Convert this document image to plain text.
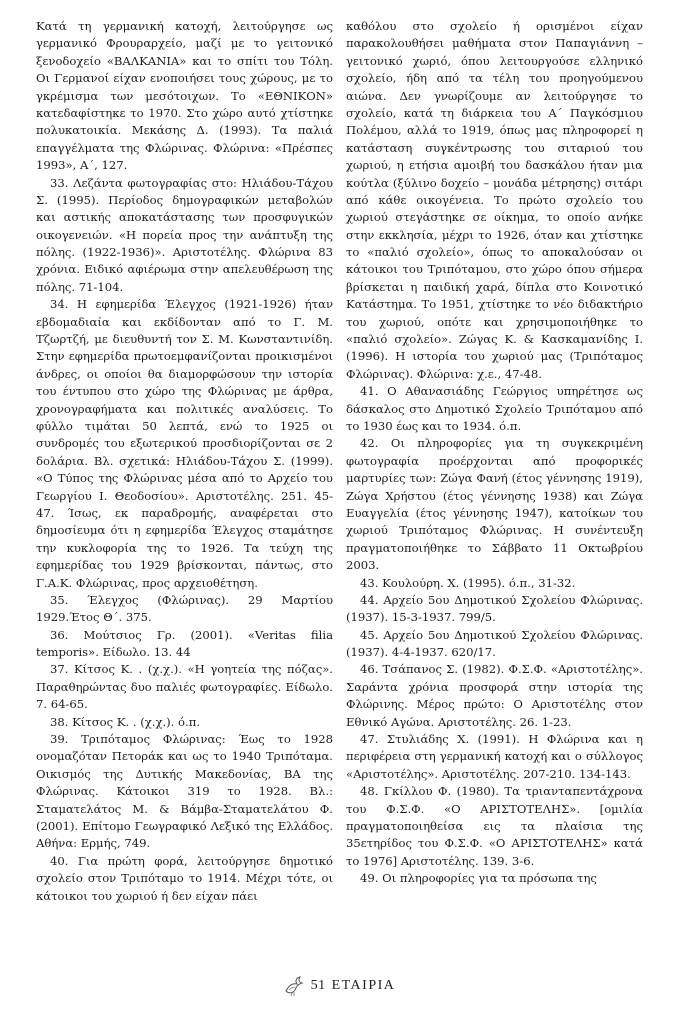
Κατά τη γερμανική κατοχή, λειτούργησε ως γερμανικό Φρουραρχείο, μαζί με το γειτονικό ξενοδοχείο «ΒΑΛΚΑΝΙΑ» και το σπίτι του Τόλη. Οι Γερμανοί είχαν ενοποιήσει τους χώρους, με το γκρέμισμα των μεσότοιχων. Το «ΕΘΝΙΚΟΝ» κατεδαφίστηκε το 1970. Στο χώρο αυτό χτίστηκε πολυκατοικία. Μεκάσης Δ. (1993). Τα παλιά επαγγέλματα της Φλώρινας. Φλώρινα: «Πρέσπες 1993», Α΄, 127.

33. Λεζάντα φωτογραφίας στο: Ηλιάδου-Τάχου Σ. (1995). Περίοδος δημογραφικών μεταβολών και αστικής αποκατάστασης των προσφυγικών οικογενειών. «Η πορεία προς την ανάπτυξη της πόλης. (1922-1936)». Αριστοτέλης. Φλώρινα 83 χρόνια. Ειδικό αφιέρωμα στην απελευθέρωση της πόλης. 71-104.

34. Η εφημερίδα Έλεγχος (1921-1926) ήταν εβδομαδιαία και εκδίδονταν από το Γ. Μ. Τζωρτζή, με διευθυντή τον Σ. Μ. Κωνσταντινίδη. Στην εφημερίδα πρωτοεμφανίζονται προικισμένοι άνδρες, οι οποίοι θα διαμορφώσουν την ιστορία του έντυπου στο χώρο της Φλώρινας με άρθρα, χρονογραφήματα και πολιτικές αναλύσεις. Το φύλλο τιμάται 50 λεπτά, ενώ το 1925 οι συνδρομές του εξωτερικού προσδιορίζονται σε 2 δολάρια. Βλ. σχετικά: Ηλιάδου-Τάχου Σ. (1999). «Ο Τύπος της Φλώρινας μέσα από το Αρχείο του Γεωργίου Ι. Θεοδοσίου». Αριστοτέλης. 251. 45-47. Ίσως, εκ παραδρομής, αναφέρεται στο δημοσίευμα ότι η εφημερίδα Έλεγχος σταμάτησε την κυκλοφορία της το 1926. Τα τεύχη της εφημερίδας του 1929 βρίσκονται, πάντως, στο Γ.Α.Κ. Φλώρινας, προς αρχειοθέτηση.

35. Έλεγχος (Φλώρινας). 29 Μαρτίου 1929.Έτος Θ΄. 375.

36. Μούτσιος Γρ. (2001). «Veritas filia temporis». Είδωλο. 13. 44

37. Κίτσος Κ. . (χ.χ.). «Η γοητεία της πόζας». Παραθηρώντας δυο παλιές φωτογραφίες. Είδωλο. 7. 64-65.

38. Κίτσος Κ. . (χ.χ.). ό.π.

39. Τριπόταμος Φλώρινας: Έως το 1928 ονομαζόταν Πετοράκ και ως το 1940 Τριπόταμα. Οικισμός της Δυτικής Μακεδονίας, ΒΑ της Φλώρινας. Κάτοικοι 319 το 1928. Βλ.: Σταματελάτος Μ. & Βάμβα-Σταματελάτου Φ. (2001). Επίτομο Γεωγραφικό Λεξικό της Ελλάδος. Αθήνα: Ερμής, 749.

40. Για πρώτη φορά, λειτούργησε δημοτικό σχολείο στον Τριπόταμο το 1914. Μέχρι τότε, οι κάτοικοι του χωριού ή δεν είχαν πάει

καθόλου στο σχολείο ή ορισμένοι είχαν παρακολουθήσει μαθήματα στον Παπαγιάννη – γειτονικό χωριό, όπου λειτουργούσε ελληνικό σχολείο, ήδη από τα τέλη του προηγούμενου αιώνα. Δεν γνωρίζουμε αν λειτούργησε το σχολείο, κατά τη διάρκεια του Α΄ Παγκόσμιου Πολέμου, αλλά το 1919, όπως μας πληροφορεί η κατάσταση συγκέντρωσης του σιταριού του χωριού, η ετήσια αμοιβή του δασκάλου ήταν μια κούτλα (ξύλινο δοχείο – μονάδα μέτρησης) σιτάρι από κάθε οικογένεια. Το πρώτο σχολείο του χωριού στεγάστηκε σε οίκημα, το οποίο ανήκε στην εκκλησία, μέχρι το 1926, όταν και χτίστηκε το «παλιό σχολείο», όπως το αποκαλούσαν οι κάτοικοι του Τριπόταμου, στο χώρο όπου σήμερα βρίσκεται η παιδική χαρά, δίπλα στο Κοινοτικό Κατάστημα. Το 1951, χτίστηκε το νέο διδακτήριο του χωριού, οπότε και χρησιμοποιήθηκε το «παλιό σχολείο». Ζώγας Κ. & Κασκαμανίδης Ι. (1996). Η ιστορία του χωριού μας (Τριπόταμος Φλώρινας). Φλώρινα: χ.ε., 47-48.

41. Ο Αθανασιάδης Γεώργιος υπηρέτησε ως δάσκαλος στο Δημοτικό Σχολείο Τριπόταμου από το 1930 έως και το 1934. ό.π.

42. Οι πληροφορίες για τη συγκεκριμένη φωτογραφία προέρχονται από προφορικές μαρτυρίες των: Ζώγα Φανή (έτος γέννησης 1919), Ζώγα Χρήστου (έτος γέννησης 1938) και Ζώγα Ευαγγελία (έτος γέννησης 1947), κατοίκων του χωριού Τριπόταμος Φλώρινας. Η συνέντευξη πραγματοποιήθηκε το Σάββατο 11 Οκτωβρίου 2003.

43. Κουλούρη. Χ. (1995). ό.π., 31-32.

44. Αρχείο 5ου Δημοτικού Σχολείου Φλώρινας. (1937). 15-3-1937. 799/5.

45. Αρχείο 5ου Δημοτικού Σχολείου Φλώρινας. (1937). 4-4-1937. 620/17.

46. Τσάπανος Σ. (1982). Φ.Σ.Φ. «Αριστοτέλης». Σαράντα χρόνια προσφορά στην ιστορία της Φλώρινης. Μέρος πρώτο: Ο Αριστοτέλης στον Εθνικό Αγώνα. Αριστοτέλης. 26. 1-23.

47. Στυλιάδης Χ. (1991). Η Φλώρινα και η περιφέρεια στη γερμανική κατοχή και ο σύλλογος «Αριστοτέλης». Αριστοτέλης. 207-210. 134-143.

48. Γκίλλου Φ. (1980). Τα τριανταπεντάχρονα του Φ.Σ.Φ. «Ο ΑΡΙΣΤΟΤΕΛΗΣ». [ομιλία πραγματοποιηθείσα εις τα πλαίσια της 35ετηρίδος του Φ.Σ.Φ. «Ο ΑΡΙΣΤΟΤΕΛΗΣ» κατά το 1976] Αριστοτέλης. 139. 3-6.

49. Οι πληροφορίες για τα πρόσωπα της

51 ΕΤΑΙΡΙΑ
